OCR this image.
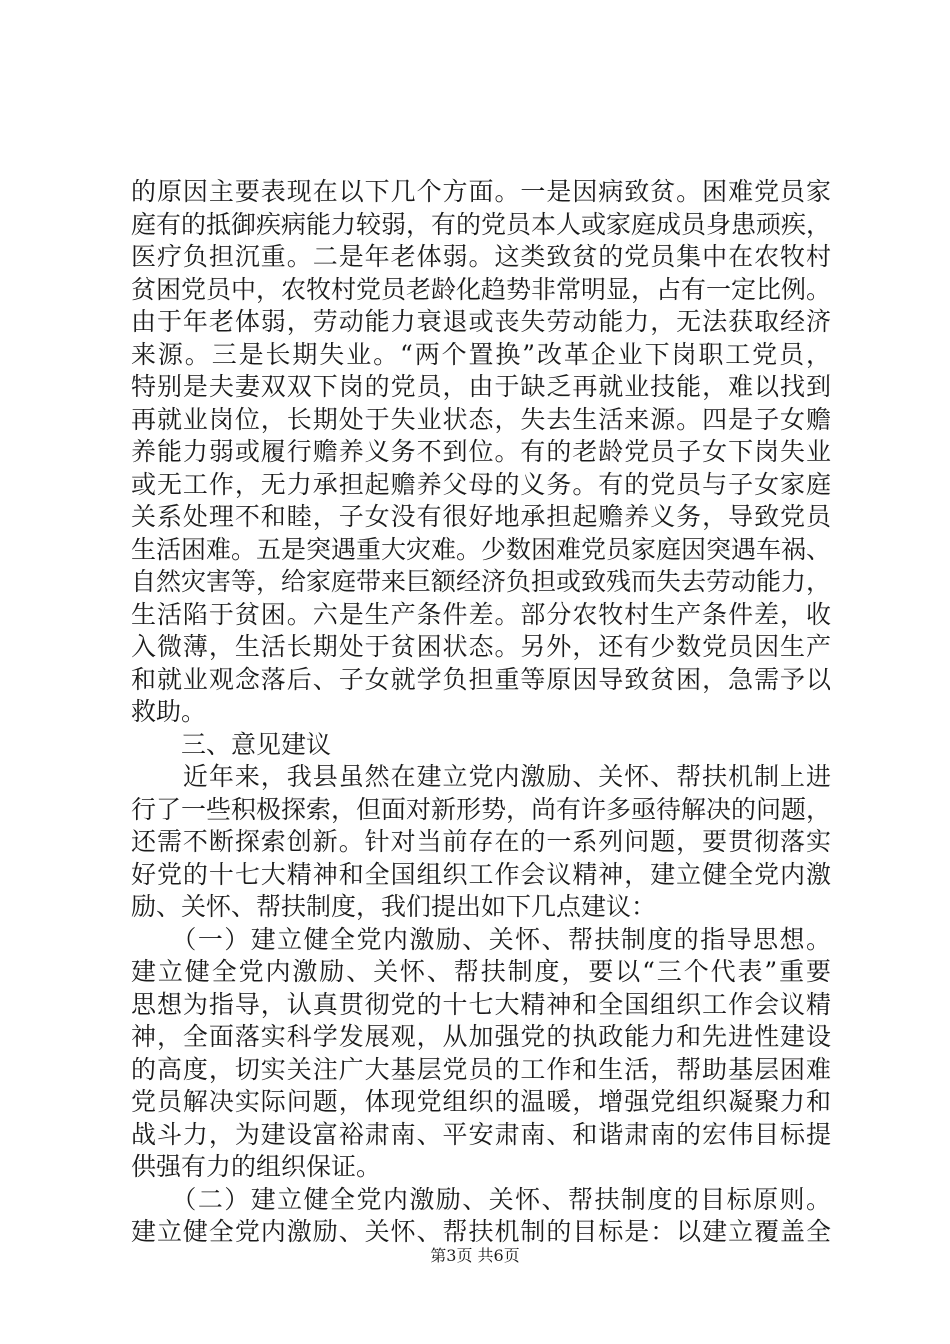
的原因主要表现在以下几个方面。一是因病致贫。困难党员家
庭有的抵御疾病能力较弱，有的党员本人或家庭成员身患顽疾，
医疗负担沉重。二是年老体弱。这类致贫的党员集中在农牧村
贫困党员中，农牧村党员老龄化趋势非常明显，占有一定比例。
由于年老体弱，劳动能力衰退或丧失劳动能力，无法获取经济
来源。三是长期失业。“两个置换”改革企业下岗职工党员，
特别是夫妻双双下岗的党员，由于缺乏再就业技能，难以找到
再就业岗位，长期处于失业状态，失去生活来源。四是子女赡
养能力弱或履行赡养义务不到位。有的老龄党员子女下岗失业
或无工作，无力承担起赡养父母的义务。有的党员与子女家庭
关系处理不和睦，子女没有很好地承担起赡养义务，导致党员
生活困难。五是突遇重大灾难。少数困难党员家庭因突遇车祸、
自然灾害等，给家庭带来巨额经济负担或致残而失去劳动能力，
生活陷于贫困。六是生产条件差。部分农牧村生产条件差，收
入微薄，生活长期处于贫困状态。另外，还有少数党员因生产
和就业观念落后、子女就学负担重等原因导致贫困，急需予以
救助。
　　三、意见建议
　　近年来，我县虽然在建立党内激励、关怀、帮扶机制上进
行了一些积极探索，但面对新形势，尚有许多亟待解决的问题，
还需不断探索创新。针对当前存在的一系列问题，要贯彻落实
好党的十七大精神和全国组织工作会议精神，建立健全党内激
励、关怀、帮扶制度，我们提出如下几点建议：
　　（一）建立健全党内激励、关怀、帮扶制度的指导思想。
建立健全党内激励、关怀、帮扶制度，要以“三个代表”重要
思想为指导，认真贯彻党的十七大精神和全国组织工作会议精
神，全面落实科学发展观，从加强党的执政能力和先进性建设
的高度，切实关注广大基层党员的工作和生活，帮助基层困难
党员解决实际问题，体现党组织的温暖，增强党组织凝聚力和
战斗力，为建设富裕肃南、平安肃南、和谐肃南的宏伟目标提
供强有力的组织保证。
　　（二）建立健全党内激励、关怀、帮扶制度的目标原则。
建立健全党内激励、关怀、帮扶机制的目标是：以建立覆盖全
第3页 共6页
